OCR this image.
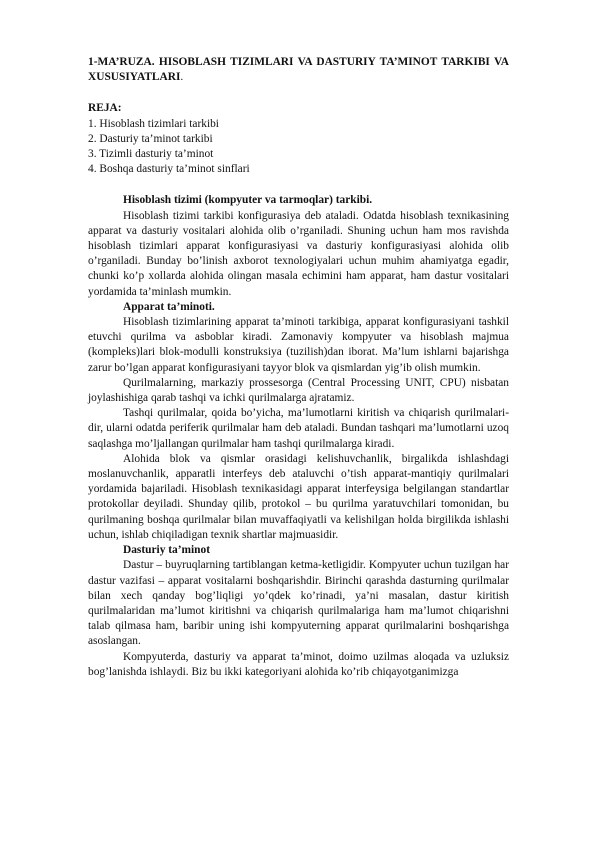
1-MA’RUZA. HISOBLASH TIZIMLARI VA DASTURIY TA’MINOT TARKIBI VA XUSUSIYATLARI.

REJA:

1. Hisoblash tizimlari tarkibi
2. Dasturiy ta’minot tarkibi
3. Tizimli dasturiy ta’minot
4. Boshqa dasturiy ta’minot sinflari

Hisoblash tizimi (kompyuter va tarmoqlar) tarkibi.

Hisoblash tizimi tarkibi konfigurasiya deb ataladi. Odatda hisoblash texnikasining apparat va dasturiy vositalari alohida olib o’rganiladi. Shuning uchun ham mos ravishda hisoblash tizimlari apparat konfigurasiyasi va dasturiy konfigurasiyasi alohida olib o’rganiladi. Bunday bo’linish axborot texnologiyalari uchun muhim ahamiyatga egadir, chunki ko’p xollarda alohida olingan masala echimini ham apparat, ham dastur vositalari yordamida ta’minlash mumkin.

Apparat ta’minoti.

Hisoblash tizimlarining apparat ta’minoti tarkibiga, apparat konfigurasiyani tashkil etuvchi qurilma va asboblar kiradi. Zamonaviy kompyuter va hisoblash majmua (kompleks)lari blok-modulli konstruksiya (tuzilish)dan iborat. Ma’lum ishlarni bajarishga zarur bo’lgan apparat konfigurasiyani tayyor blok va qismlardan yig’ib olish mumkin.

Qurilmalarning, markaziy prossesorga (Central Processing UNIT, CPU) nisbatan joylashishiga qarab tashqi va ichki qurilmalarga ajratamiz.

Tashqi qurilmalar, qoida bo’yicha, ma’lumotlarni kiritish va chiqarish qurilmalari-dir, ularni odatda periferik qurilmalar ham deb ataladi. Bundan tashqari ma’lumotlarni uzoq saqlashga mo’ljallangan qurilmalar ham tashqi qurilmalarga kiradi.

Alohida blok va qismlar orasidagi kelishuvchanlik, birgalikda ishlashdagi moslanuvchanlik, apparatli interfeys deb ataluvchi o’tish apparat-mantiqiy qurilmalari yordamida bajariladi. Hisoblash texnikasidagi apparat interfeysiga belgilangan standartlar protokollar deyiladi. Shunday qilib, protokol – bu qurilma yaratuvchilari tomonidan, bu qurilmaning boshqa qurilmalar bilan muvaffaqiyatli va kelishilgan holda birgilikda ishlashi uchun, ishlab chiqiladigan texnik shartlar majmuasidir.

Dasturiy ta’minot

Dastur – buyruqlarning tartiblangan ketma-ketligidir. Kompyuter uchun tuzilgan har dastur vazifasi – apparat vositalarni boshqarishdir. Birinchi qarashda dasturning qurilmalar bilan xech qanday bog’liqligi yo’qdek ko’rinadi, ya’ni masalan, dastur kiritish qurilmalaridan ma’lumot kiritishni va chiqarish qurilmalariga ham ma’lumot chiqarishni talab qilmasa ham, baribir uning ishi kompyuterning apparat qurilmalarini boshqarishga asoslangan.

Kompyuterda, dasturiy va apparat ta’minot, doimo uzilmas aloqada va uzluksiz bog’lanishda ishlaydi. Biz bu ikki kategoriyani alohida ko’rib chiqayotganimizga
